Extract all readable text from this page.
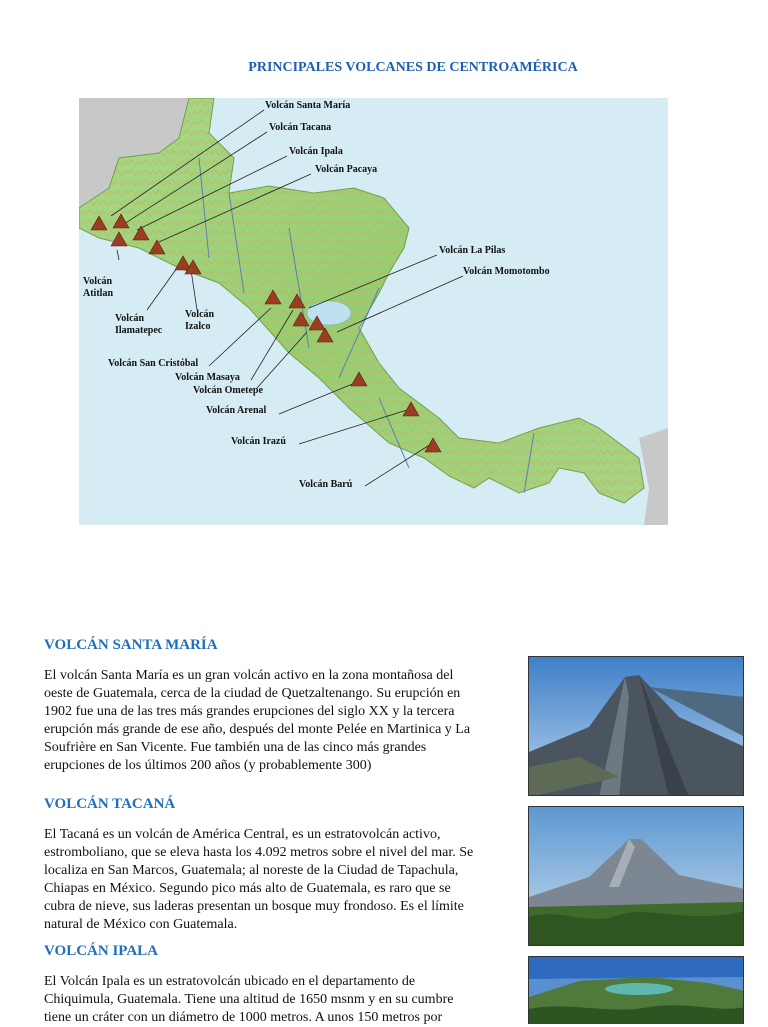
PRINCIPALES VOLCANES DE CENTROAMÉRICA
Volcán Santa María
Volcán Tacana
Volcán Ipala
Volcán Pacaya
Volcán
Atitlan
Volcán
Ilamatepec
Volcán
Izalco
Volcán La Pilas
Volcán Momotombo
Volcán San Cristóbal
Volcán Masaya
Volcán Ometepe
Volcán Arenal
Volcán Irazú
Volcán Barú
VOLCÁN SANTA MARÍA
El volcán Santa María es un gran volcán activo en la zona montañosa del
oeste de Guatemala, cerca de la ciudad de Quetzaltenango. Su erupción en
1902 fue una de las tres más grandes erupciones del siglo XX y la tercera
erupción más grande de ese año, después del monte Pelée en Martinica y La
Soufrière en San Vicente. Fue también una de las cinco más grandes
erupciones de los últimos 200 años (y probablemente 300)
VOLCÁN TACANÁ
El Tacaná es un volcán de América Central, es un estratovolcán activo,
estromboliano, que se eleva hasta los 4.092 metros sobre el nivel del mar. Se
localiza en San Marcos, Guatemala; al noreste de la Ciudad de Tapachula,
Chiapas en México. Segundo pico más alto de Guatemala, es raro que se
cubra de nieve, sus laderas presentan un bosque muy frondoso. Es el límite
natural de México con Guatemala.
VOLCÁN IPALA
El Volcán Ipala es un estratovolcán ubicado en el departamento de
Chiquimula, Guatemala. Tiene una altitud de 1650 msnm y en su cumbre
tiene un cráter con un diámetro de 1000 metros. A unos 150 metros por
